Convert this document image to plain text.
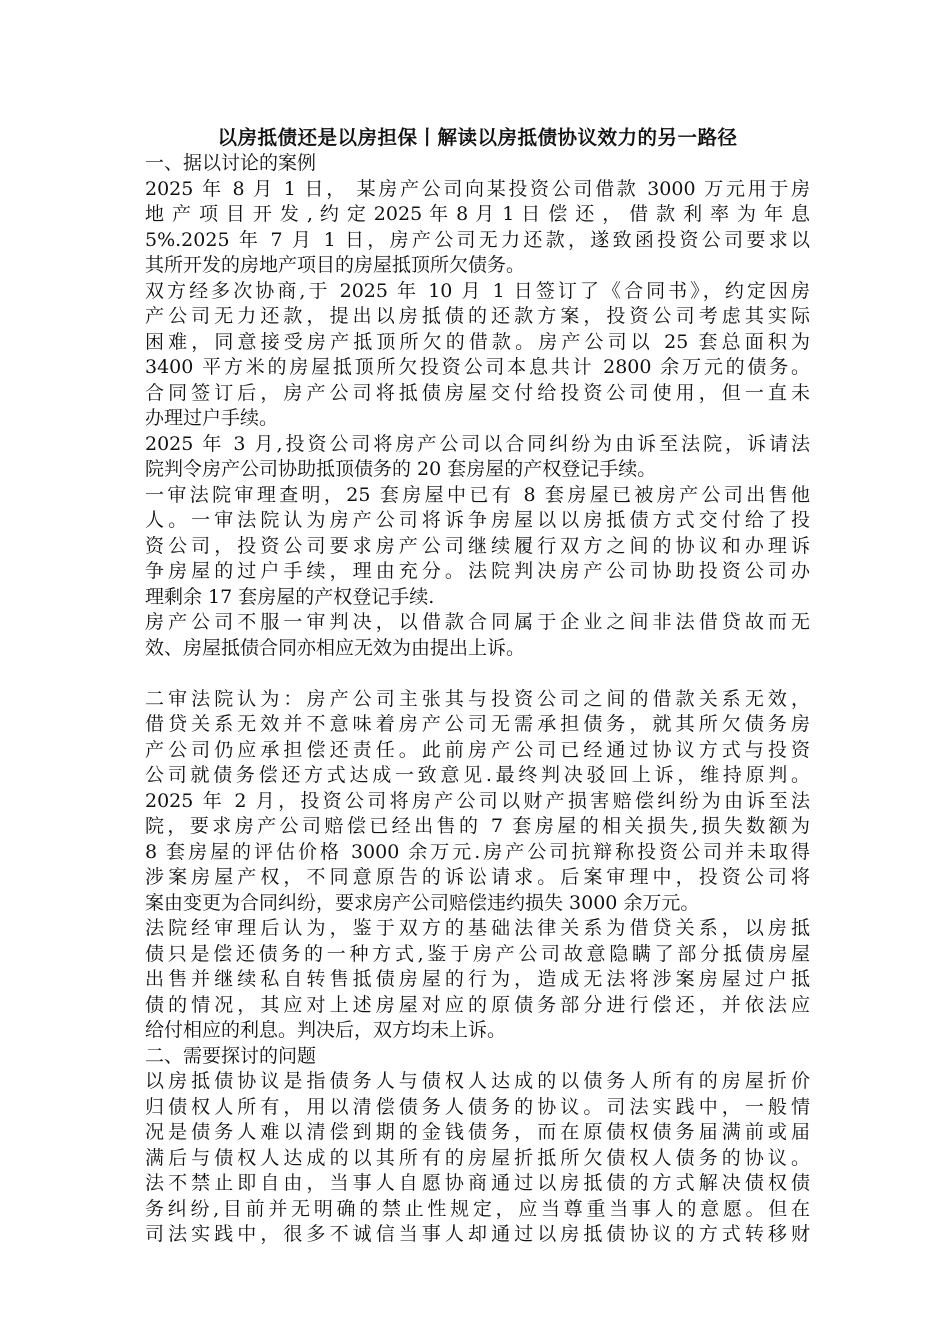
以房抵债还是以房担保丨解读以房抵债协议效力的另一路径

一、据以讨论的案例

2025 年 8 月 1 日， 某房产公司向某投资公司借款 3000 万元用于房

地 产 项 目 开 发 , 约 定 2025 年 8 月 1 日 偿 还 ， 借 款 利 率 为 年 息

5%.2025 年 7 月 1 日，房产公司无力还款，遂致函投资公司要求以

其所开发的房地产项目的房屋抵顶所欠债务。

双方经多次协商,于 2025 年 10 月 1 日签订了《合同书》，约定因房

产公司无力还款，提出以房抵债的还款方案，投资公司考虑其实际

困难，同意接受房产抵顶所欠的借款。房产公司以 25 套总面积为

3400 平方米的房屋抵顶所欠投资公司本息共计 2800 余万元的债务。

合同签订后，房产公司将抵债房屋交付给投资公司使用，但一直未

办理过户手续。

2025 年 3 月,投资公司将房产公司以合同纠纷为由诉至法院，诉请法

院判令房产公司协助抵顶债务的 20 套房屋的产权登记手续。

一审法院审理查明，25 套房屋中已有 8 套房屋已被房产公司出售他

人。一审法院认为房产公司将诉争房屋以以房抵债方式交付给了投

资公司，投资公司要求房产公司继续履行双方之间的协议和办理诉

争房屋的过户手续，理由充分。法院判决房产公司协助投资公司办

理剩余 17 套房屋的产权登记手续.

房产公司不服一审判决，以借款合同属于企业之间非法借贷故而无

效、房屋抵债合同亦相应无效为由提出上诉。

二审法院认为：房产公司主张其与投资公司之间的借款关系无效，

借贷关系无效并不意味着房产公司无需承担债务，就其所欠债务房

产公司仍应承担偿还责任。此前房产公司已经通过协议方式与投资

公司就债务偿还方式达成一致意见.最终判决驳回上诉，维持原判。

2025 年 2 月，投资公司将房产公司以财产损害赔偿纠纷为由诉至法

院，要求房产公司赔偿已经出售的 7 套房屋的相关损失,损失数额为

8 套房屋的评估价格 3000 余万元.房产公司抗辩称投资公司并未取得

涉案房屋产权，不同意原告的诉讼请求。后案审理中，投资公司将

案由变更为合同纠纷，要求房产公司赔偿违约损失 3000 余万元。

法院经审理后认为，鉴于双方的基础法律关系为借贷关系，以房抵

债只是偿还债务的一种方式,鉴于房产公司故意隐瞒了部分抵债房屋

出售并继续私自转售抵债房屋的行为，造成无法将涉案房屋过户抵

债的情况，其应对上述房屋对应的原债务部分进行偿还，并依法应

给付相应的利息。判决后，双方均未上诉。

二、需要探讨的问题

以房抵债协议是指债务人与债权人达成的以债务人所有的房屋折价

归债权人所有，用以清偿债务人债务的协议。司法实践中，一般情

况是债务人难以清偿到期的金钱债务，而在原债权债务届满前或届

满后与债权人达成的以其所有的房屋折抵所欠债权人债务的协议。

法不禁止即自由，当事人自愿协商通过以房抵债的方式解决债权债

务纠纷,目前并无明确的禁止性规定，应当尊重当事人的意愿。但在

司法实践中，很多不诚信当事人却通过以房抵债协议的方式转移财
